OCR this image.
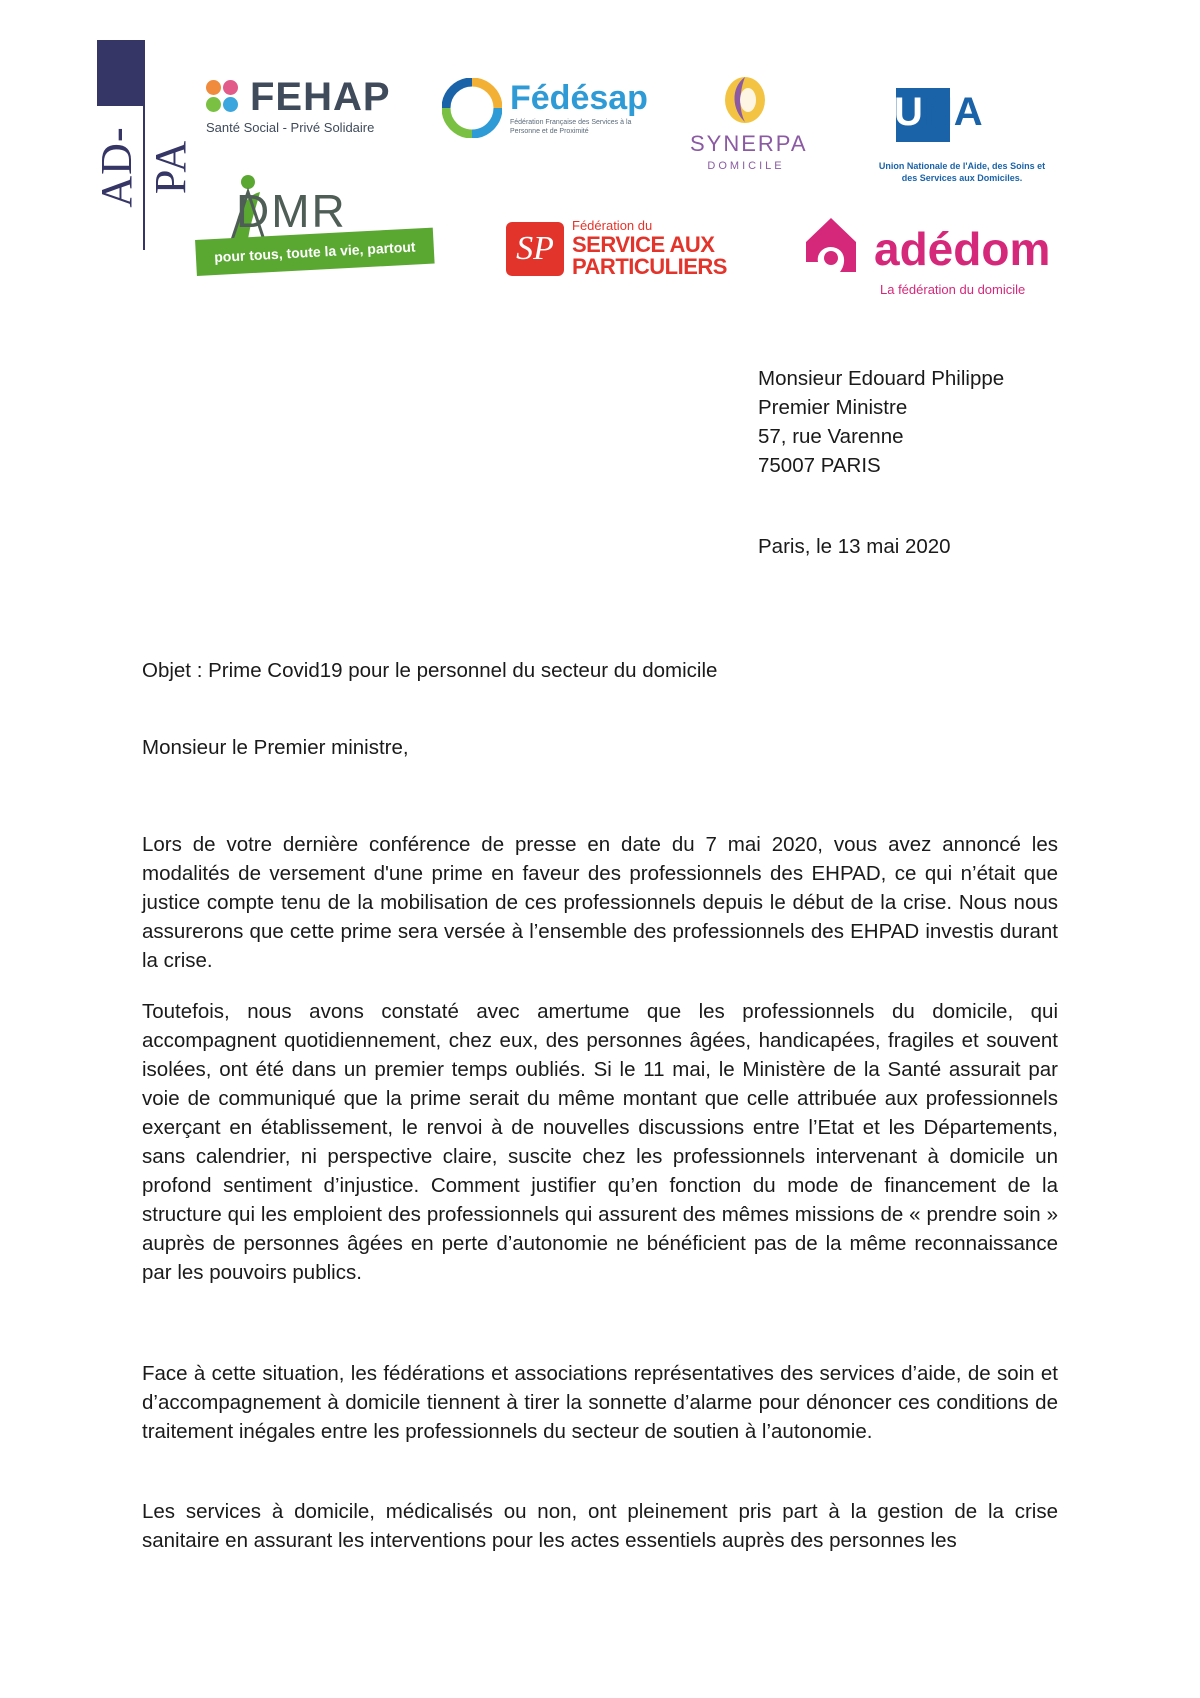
AD-PA
FEHAP
Santé Social - Privé Solidaire
Fédésap
Fédération Française des Services à la Personne et de Proximité	SYNERPA
DOMICILE
UNA
Union Nationale de l'Aide, des Soins et des Services aux Domiciles.
DMR
pour tous, toute la vie, partout	SP
Fédération du
SERVICE AUX
PARTICULIERS	adédom
La fédération du domicile
Monsieur Edouard Philippe
Premier Ministre
57, rue Varenne
75007 PARIS
Paris, le 13 mai 2020
Objet : Prime Covid19 pour le personnel du secteur du domicile
Monsieur le Premier ministre,

Lors de votre dernière conférence de presse en date du 7 mai 2020, vous avez annoncé les modalités de versement d'une prime en faveur des professionnels des EHPAD, ce qui n’était que justice compte tenu de la mobilisation de ces professionnels depuis le début de la crise. Nous nous assurerons que cette prime sera versée à l’ensemble des professionnels des EHPAD investis durant la crise.

Toutefois, nous avons constaté avec amertume que les professionnels du domicile, qui accompagnent quotidiennement, chez eux, des personnes âgées, handicapées, fragiles et souvent isolées, ont été dans un premier temps oubliés. Si le 11 mai, le Ministère de la Santé assurait par voie de communiqué que la prime serait du même montant que celle attribuée aux professionnels exerçant en établissement, le renvoi à de nouvelles discussions entre l’Etat et les Départements, sans calendrier, ni perspective claire, suscite chez les professionnels intervenant à domicile un profond sentiment d’injustice. Comment justifier qu’en fonction du mode de financement de la structure qui les emploient des professionnels qui assurent des mêmes missions de « prendre soin » auprès de personnes âgées en perte d’autonomie ne bénéficient pas de la même reconnaissance par les pouvoirs publics.

Face à cette situation, les fédérations et associations représentatives des services d’aide, de soin et d’accompagnement à domicile tiennent à tirer la sonnette d’alarme pour dénoncer ces conditions de traitement inégales entre les professionnels du secteur de soutien à l’autonomie.

Les services à domicile, médicalisés ou non, ont pleinement pris part à la gestion de la crise sanitaire en assurant les interventions pour les actes essentiels auprès des personnes les
